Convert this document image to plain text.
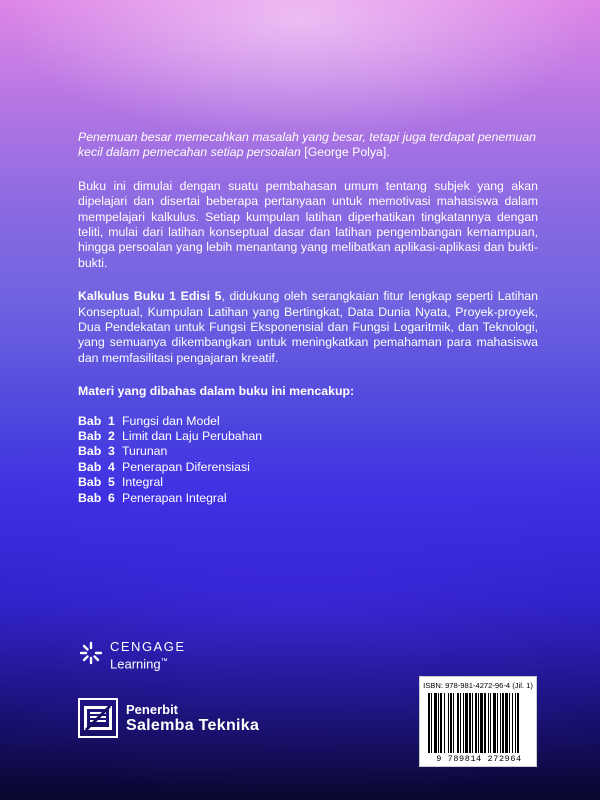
Penemuan besar memecahkan masalah yang besar, tetapi juga terdapat penemuan kecil dalam pemecahan setiap persoalan [George Polya].

Buku ini dimulai dengan suatu pembahasan umum tentang subjek yang akan dipelajari dan disertai beberapa pertanyaan untuk memotivasi mahasiswa dalam mempelajari kalkulus. Setiap kumpulan latihan diperhatikan tingkatannya dengan teliti, mulai dari latihan konseptual dasar dan latihan pengembangan kemampuan, hingga persoalan yang lebih menantang yang melibatkan aplikasi-aplikasi dan bukti-bukti.

Kalkulus Buku 1 Edisi 5, didukung oleh serangkaian fitur lengkap seperti Latihan Konseptual, Kumpulan Latihan yang Bertingkat, Data Dunia Nyata, Proyek-proyek, Dua Pendekatan untuk Fungsi Eksponensial dan Fungsi Logaritmik, dan Teknologi, yang semuanya dikembangkan untuk meningkatkan pemahaman para mahasiswa dan memfasilitasi pengajaran kreatif.

Materi yang dibahas dalam buku ini mencakup:

Bab 1 Fungsi dan Model
Bab 2 Limit dan Laju Perubahan
Bab 3 Turunan
Bab 4 Penerapan Diferensiasi
Bab 5 Integral
Bab 6 Penerapan Integral
CENGAGE
Learning™
Penerbit
Salemba Teknika
ISBN: 978-981-4272-96-4 (Jil. 1)
9 789814 272964
